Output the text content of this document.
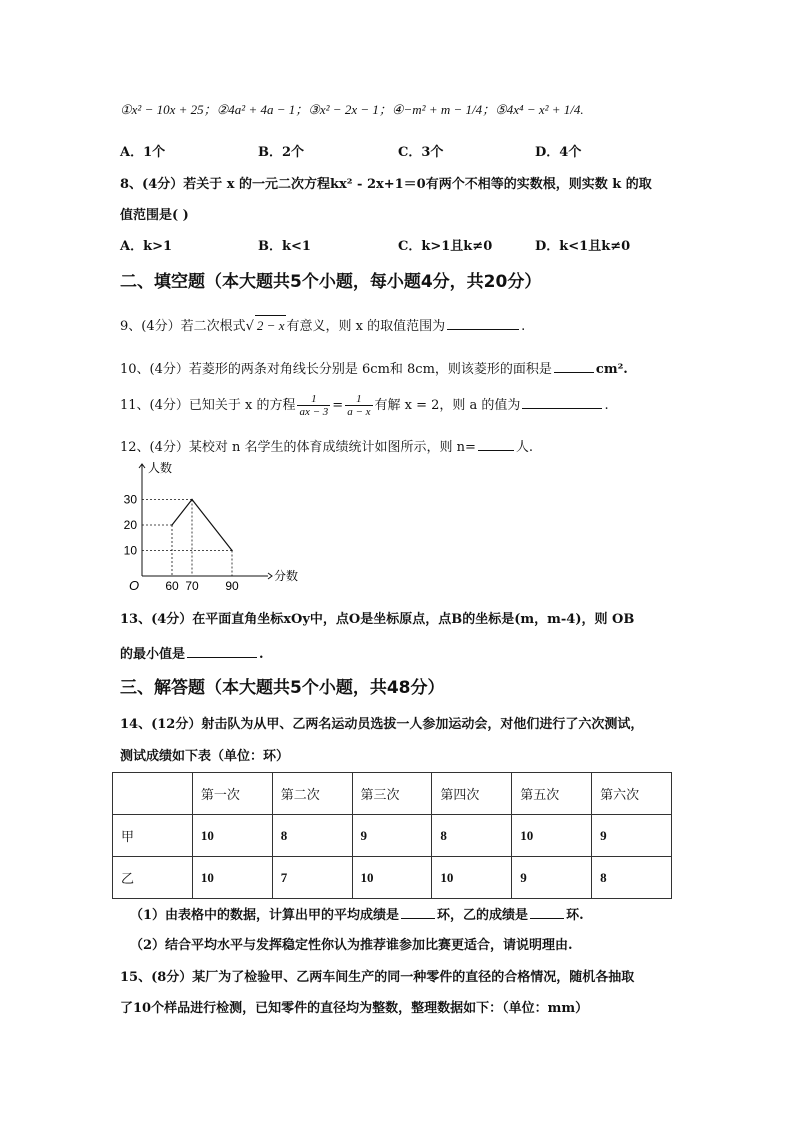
①x² − 10x + 25；②4a² + 4a − 1；③x² − 2x − 1；④−m² + m − 1/4；⑤4x⁴ − x² + 1/4.
A．1个	B．2个	C．3个	D．4个
8、(4分）若关于 x 的一元二次方程kx² - 2x+1＝0有两个不相等的实数根，则实数 k 的取
值范围是( )
A．k>1	B．k<1	C．k>1且k≠0	D．k<1且k≠0
二、填空题（本大题共5个小题，每小题4分，共20分）
9、(4分）若二次根式√ 2 − x 有意义，则 x 的取值范围为	.
10、(4分）若菱形的两条对角线长分别是 6cm和 8cm，则该菱形的面积是	cm².
11、(4分）已知关于 x 的方程 $\frac{1}{ax - 3} = \frac{1}{a - x}$ 有解 x = 2，则 a 的值为	.
12、(4分）某校对 n 名学生的体育成绩统计如图所示，则 n=	人.
60 70 90
10
20
30
O
分数
人数
13、(4分）在平面直角坐标xOy中，点O是坐标原点，点B的坐标是(m，m-4)，则 OB
的最小值是	.
三、解答题（本大题共5个小题，共48分）
14、(12分）射击队为从甲、乙两名运动员选拔一人参加运动会，对他们进行了六次测试，
测试成绩如下表（单位：环）
	第一次	第二次	第三次	第四次	第五次	第六次
甲	10	8	9	8	10	9
乙	10	7	10	10	9	8
（1）由表格中的数据，计算出甲的平均成绩是	环，乙的成绩是	环.
（2）结合平均水平与发挥稳定性你认为推荐谁参加比赛更适合，请说明理由.
15、(8分）某厂为了检验甲、乙两车间生产的同一种零件的直径的合格情况，随机各抽取
了10个样品进行检测，已知零件的直径均为整数，整理数据如下：（单位：mm）
